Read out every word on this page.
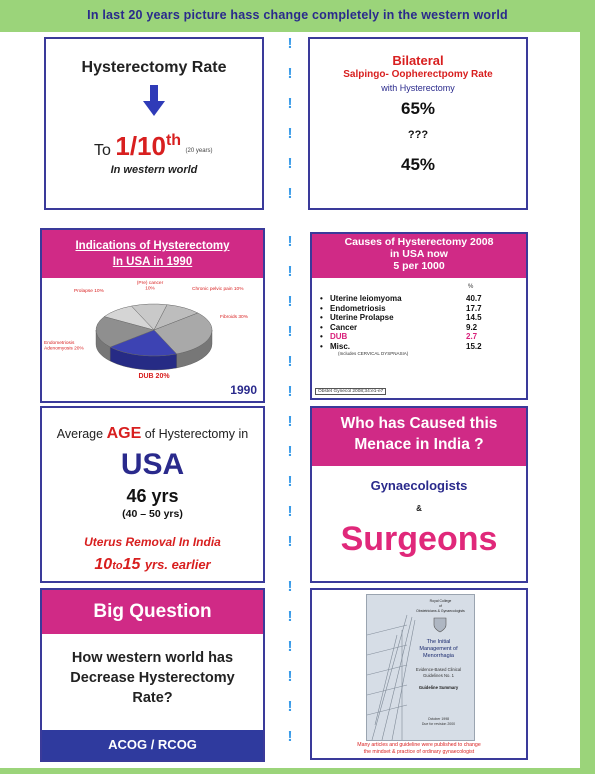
In last 20 years picture hass change completely in the western world
!
!
!
!
!
!
!
!
!
!
!
!
!
!
!
!
!
!
!
!
!
!
!
Hysterectomy Rate
To 1/10th (20 years)
In western world
Bilateral
Salpingo- Oopherectpomy Rate
with Hysterectomy
65%
???
45%
Indications of Hysterectomy
In USA in 1990
(Pre) cancer 10%	Chronic pelvic pain 10%
Fibroids 30%
Endometriosis Adenomyosis 20%
Prolapse 10%
DUB 20%
1990
Causes of Hysterectomy 2008
in USA now
5 per 1000
%
• Uterine leiomyoma	40.7
• Endometriosis	17.7
• Uterine Prolapse	14.5
• Cancer	9.2
• DUB	2.7
• Misc.	15.2
(Includes CERVICAL DYSPNASIA)
Obstet Gynecol 2008;34:e1-e7
Average AGE of Hysterectomy in
USA
46 yrs
(40 – 50 yrs)
Uterus Removal In India
10to15 yrs. earlier
Who has Caused this
Menace in India ?
Gynaecologists
&
Surgeons
Big Question
How western world has
Decrease Hysterectomy
Rate?
ACOG / RCOG
Royal College
of
Obstetricians & Gynaecologists
The Initial
Management of
Menorrhagia
Evidence-Based Clinical
Guidelines No. 1
Guideline Summary
October 1998
Due for revision 2000
Many articles and guideline were published to change
the mindset & practice of ordinary gynaecologist
